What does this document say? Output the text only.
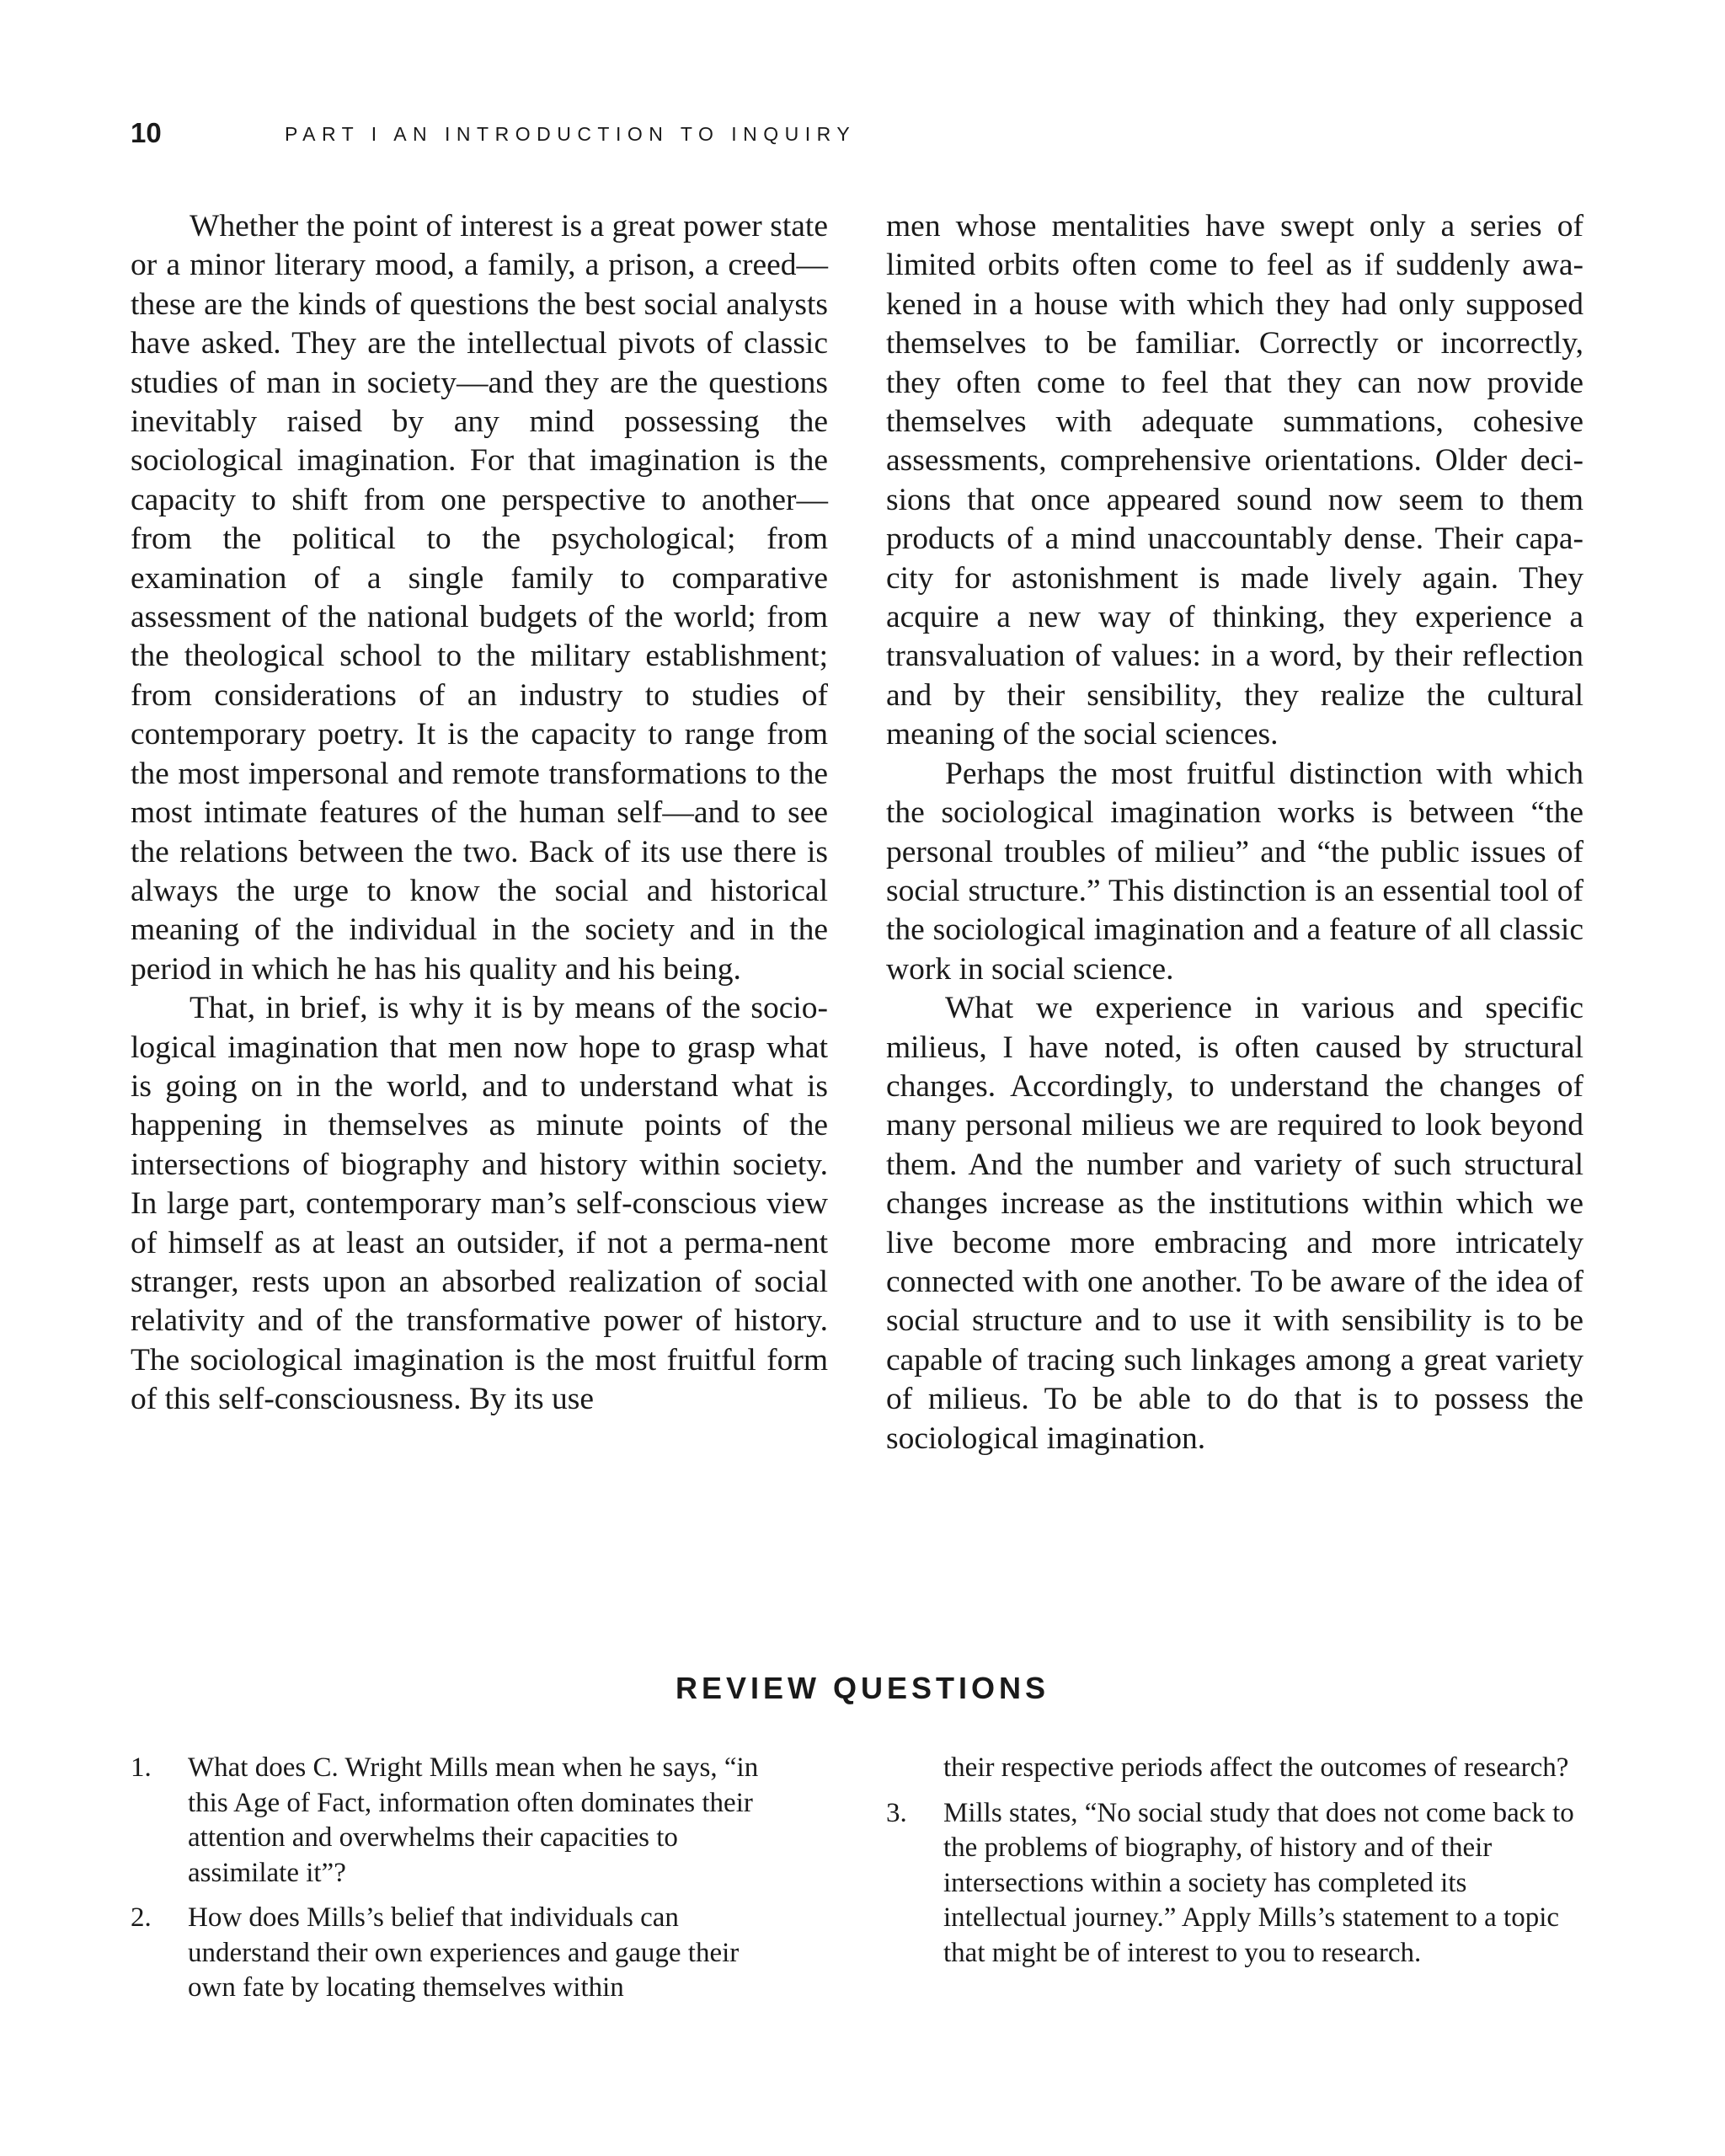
10	PART I AN INTRODUCTION TO INQUIRY

Whether the point of interest is a great power state or a minor literary mood, a family, a prison, a creed—these are the kinds of questions the best social analysts have asked. They are the intellectual pivots of classic studies of man in society—and they are the questions inevitably raised by any mind possessing the sociological imagination. For that imagination is the capacity to shift from one perspective to another—from the political to the psychological; from examination of a single family to comparative assessment of the national budgets of the world; from the theological school to the military establishment; from considerations of an industry to studies of contemporary poetry. It is the capacity to range from the most impersonal and remote transformations to the most intimate features of the human self—and to see the relations between the two. Back of its use there is always the urge to know the social and historical meaning of the individual in the society and in the period in which he has his quality and his being.

That, in brief, is why it is by means of the socio-logical imagination that men now hope to grasp what is going on in the world, and to understand what is happening in themselves as minute points of the intersections of biography and history within society. In large part, contemporary man’s self-conscious view of himself as at least an outsider, if not a perma-nent stranger, rests upon an absorbed realization of social relativity and of the transformative power of history. The sociological imagination is the most fruitful form of this self-consciousness. By its use

men whose mentalities have swept only a series of limited orbits often come to feel as if suddenly awa-kened in a house with which they had only supposed themselves to be familiar. Correctly or incorrectly, they often come to feel that they can now provide themselves with adequate summations, cohesive assessments, comprehensive orientations. Older deci-sions that once appeared sound now seem to them products of a mind unaccountably dense. Their capa-city for astonishment is made lively again. They acquire a new way of thinking, they experience a transvaluation of values: in a word, by their reflection and by their sensibility, they realize the cultural meaning of the social sciences.

Perhaps the most fruitful distinction with which the sociological imagination works is between “the personal troubles of milieu” and “the public issues of social structure.” This distinction is an essential tool of the sociological imagination and a feature of all classic work in social science.

What we experience in various and specific milieus, I have noted, is often caused by structural changes. Accordingly, to understand the changes of many personal milieus we are required to look beyond them. And the number and variety of such structural changes increase as the institutions within which we live become more embracing and more intricately connected with one another. To be aware of the idea of social structure and to use it with sensibility is to be capable of tracing such linkages among a great variety of milieus. To be able to do that is to possess the sociological imagination.

REVIEW QUESTIONS
1. What does C. Wright Mills mean when he says, “in this Age of Fact, information often dominates their attention and overwhelms their capacities to assimilate it”?
2. How does Mills’s belief that individuals can understand their own experiences and gauge their own fate by locating themselves within
their respective periods affect the outcomes of research?
3. Mills states, “No social study that does not come back to the problems of biography, of history and of their intersections within a society has completed its intellectual journey.” Apply Mills’s statement to a topic that might be of interest to you to research.
